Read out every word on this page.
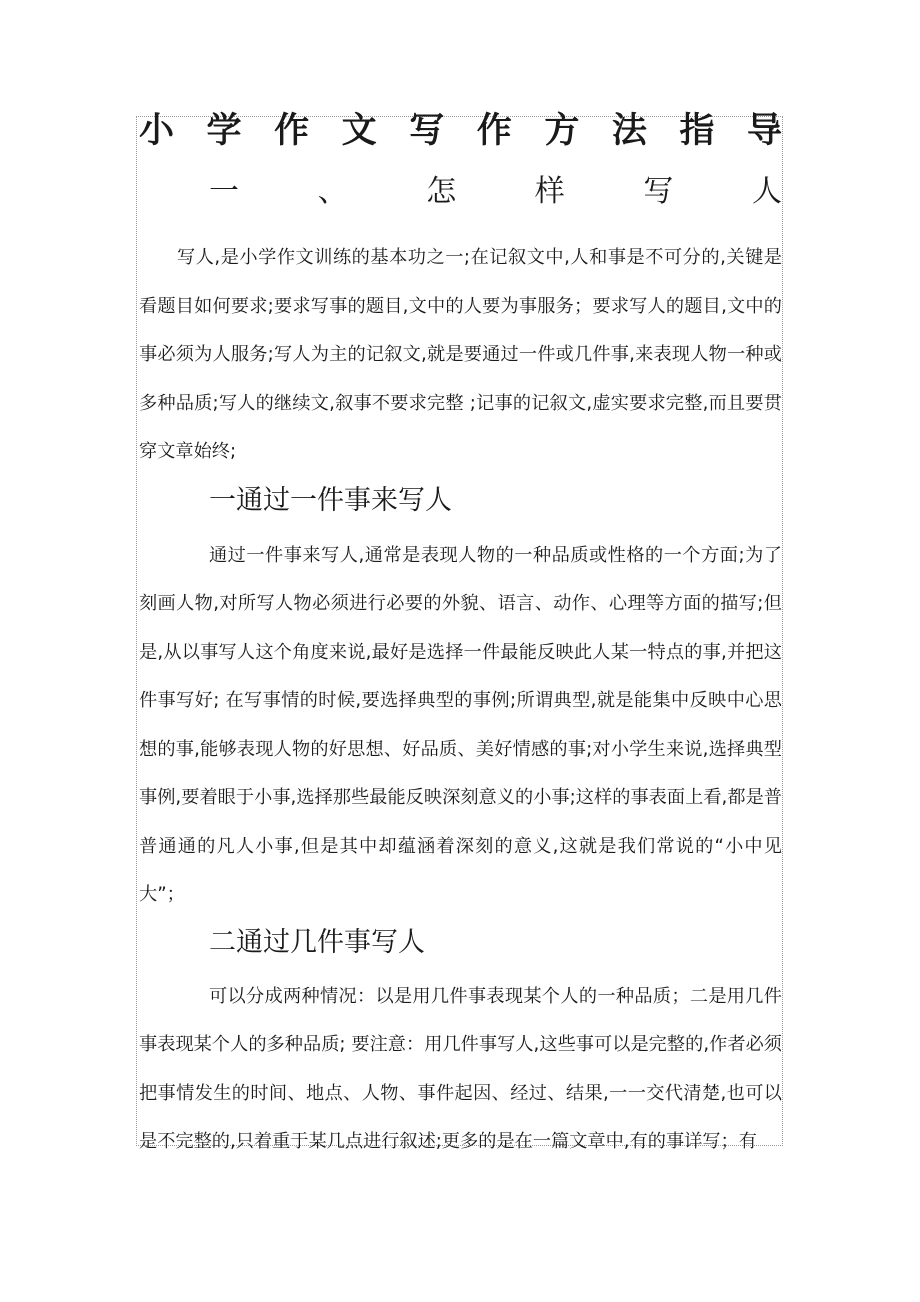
小 学 作 文 写 作 方 法 指 导
一	、	怎	样	写	人

写人,是小学作文训练的基本功之一;在记叙文中,人和事是不可分的,关键是看题目如何要求;要求写事的题目,文中的人要为事服务；要求写人的题目,文中的事必须为人服务;写人为主的记叙文,就是要通过一件或几件事,来表现人物一种或多种品质;写人的继续文,叙事不要求完整 ;记事的记叙文,虚实要求完整,而且要贯穿文章始终;

一通过一件事来写人

通过一件事来写人,通常是表现人物的一种品质或性格的一个方面;为了刻画人物,对所写人物必须进行必要的外貌、语言、动作、心理等方面的描写;但是,从以事写人这个角度来说,最好是选择一件最能反映此人某一特点的事,并把这件事写好; 在写事情的时候,要选择典型的事例;所谓典型,就是能集中反映中心思想的事,能够表现人物的好思想、好品质、美好情感的事;对小学生来说,选择典型事例,要着眼于小事,选择那些最能反映深刻意义的小事;这样的事表面上看,都是普普通通的凡人小事,但是其中却蕴涵着深刻的意义,这就是我们常说的“小中见大”；

二通过几件事写人

可以分成两种情况：以是用几件事表现某个人的一种品质；二是用几件事表现某个人的多种品质; 要注意：用几件事写人,这些事可以是完整的,作者必须把事情发生的时间、地点、人物、事件起因、经过、结果,一一交代清楚,也可以是不完整的,只着重于某几点进行叙述;更多的是在一篇文章中,有的事详写；有
